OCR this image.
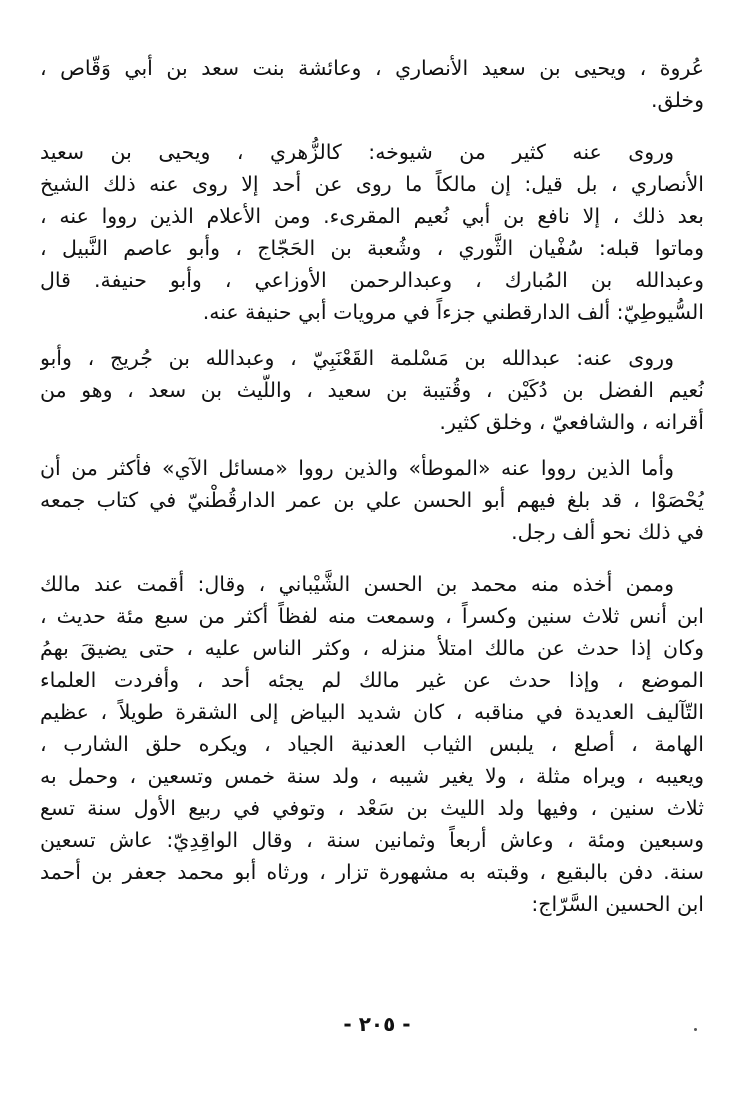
عُروة ، ويحيى بن سعيد الأنصاري ، وعائشة بنت سعد بن أبي وَقّاص ،
وخلق.
وروى عنه كثير من شيوخه: كالزُّهري ، ويحيى بن سعيد
الأنصاري ، بل قيل: إن مالكاً ما روى عن أحد إلا روى عنه ذلك الشيخ
بعد ذلك ، إلا نافع بن أبي نُعيم المقرىء. ومن الأعلام الذين رووا عنه ،
وماتوا قبله: سُفْيان الثَّوري ، وشُعبة بن الحَجّاج ، وأبو عاصم النَّبيل ،
وعبدالله بن المُبارك ، وعبدالرحمن الأوزاعي ، وأبو حنيفة. قال
السُّيوطِيّ: ألف الدارقطني جزءاً في مرويات أبي حنيفة عنه.
وروى عنه: عبدالله بن مَسْلمة القَعْنَبِيّ ، وعبدالله بن جُريج ، وأبو
نُعيم الفضل بن دُكَيْن ، وقُتيبة بن سعيد ، واللَّيث بن سعد ، وهو من
أقرانه ، والشافعيّ ، وخلق كثير.
وأما الذين رووا عنه «الموطأ» والذين رووا «مسائل الآي» فأكثر من أن
يُحْصَوْا ، قد بلغ فيهم أبو الحسن علي بن عمر الدارقُطْنيّ في كتاب جمعه
في ذلك نحو ألف رجل.
وممن أخذه منه محمد بن الحسن الشَّيْباني ، وقال: أقمت عند مالك
ابن أنس ثلاث سنين وكسراً ، وسمعت منه لفظاً أكثر من سبع مئة حديث ،
وكان إذا حدث عن مالك امتلأ منزله ، وكثر الناس عليه ، حتى يضيقَ بهمُ
الموضع ، وإذا حدث عن غير مالك لم يجئه أحد ، وأفردت العلماء
التّآليف العديدة في مناقبه ، كان شديد البياض إلى الشقرة طويلاً ، عظيم
الهامة ، أصلع ، يلبس الثياب العدنية الجياد ، ويكره حلق الشارب ،
ويعيبه ، ويراه مثلة ، ولا يغير شيبه ، ولد سنة خمس وتسعين ، وحمل به
ثلاث سنين ، وفيها ولد الليث بن سَعْد ، وتوفي في ربيع الأول سنة تسع
وسبعين ومئة ، وعاش أربعاً وثمانين سنة ، وقال الواقِدِيّ: عاش تسعين
سنة. دفن بالبقيع ، وقبته به مشهورة تزار ، ورثاه أبو محمد جعفر بن أحمد
ابن الحسين السَّرّاج:
- ٢٠٥ -
